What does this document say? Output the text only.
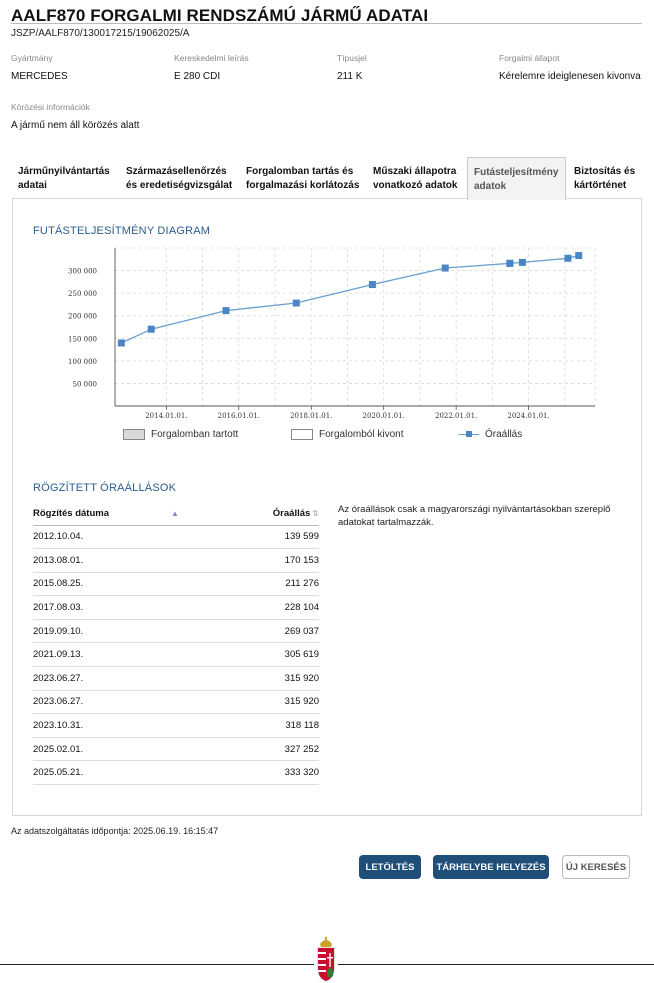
AALF870 FORGALMI RENDSZÁMÚ JÁRMŰ ADATAI
JSZP/AALF870/130017215/19062025/A
Gyártmány
MERCEDES
Kereskedelmi leírás
E 280 CDI
Típusjel
211 K
Forgalmi állapot
Kérelemre ideiglenesen kivonva
Körözési információk
A jármű nem áll körözés alatt
Járműnyilvántartás
adatai
Származásellenőrzés
és eredetiségvizsgálat
Forgalomban tartás és
forgalmazási korlátozás
Műszaki állapotra
vonatkozó adatok
Futásteljesítmény
adatok
Biztosítás és
kártörténet
FUTÁSTELJESÍTMÉNY DIAGRAM
50 000
100 000
150 000
200 000
250 000
300 000
2014.01.01.	2016.01.01.	2018.01.01.	2020.01.01.	2022.01.01.	2024.01.01.
Forgalomban tartott	Forgalomból kivont	Óraállás
RÖGZÍTETT ÓRAÁLLÁSOK
Rögzítés dátuma ▲	Óraállás ⇅
2012.10.04.	139 599
2013.08.01.	170 153
2015.08.25.	211 276
2017.08.03.	228 104
2019.09.10.	269 037
2021.09.13.	305 619
2023.06.27.	315 920
2023.06.27.	315 920
2023.10.31.	318 118
2025.02.01.	327 252
2025.05.21.	333 320
Az óraállások csak a magyarországi nyilvántartásokban szereplő adatokat tartalmazzák.
Az adatszolgáltatás időpontja: 2025.06.19. 16:15:47
LETÖLTÉS	TÁRHELYBE HELYEZÉS	ÚJ KERESÉS
